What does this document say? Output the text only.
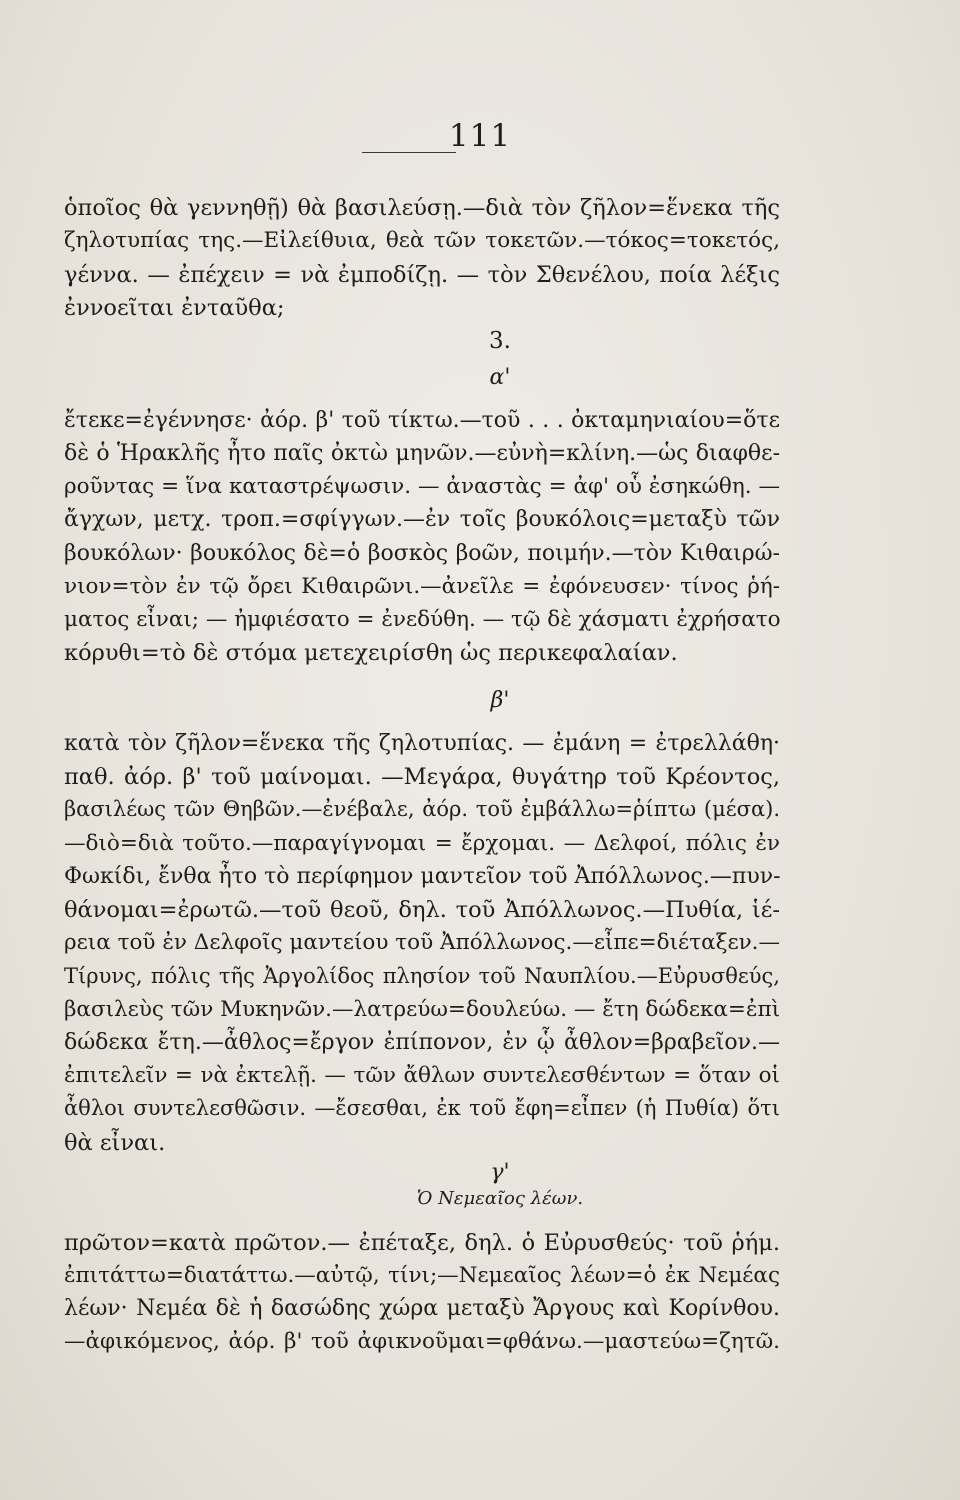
111
ὁποῖος θὰ γεννηθῇ) θὰ βασιλεύσῃ.—διὰ τὸν ζῆλον=ἕνεκα τῆς
ζηλοτυπίας της.—Εἰλείθυια, θεὰ τῶν τοκετῶν.—τόκος=τοκετός,
γέννα. — ἐπέχειν = νὰ ἐμποδίζῃ. — τὸν Σθενέλου, ποία λέξις
ἐννοεῖται ἐνταῦθα;
3.
α'
ἔτεκε=ἐγέννησε· ἀόρ. β' τοῦ τίκτω.—τοῦ . . . ὀκταμηνιαίου=ὅτε
δὲ ὁ Ἡρακλῆς ἦτο παῖς ὀκτὼ μηνῶν.—εὐνὴ=κλίνη.—ὡς διαφθε-
ροῦντας = ἵνα καταστρέψωσιν. — ἀναστὰς = ἀφ' οὗ ἐσηκώθη. —
ἄγχων, μετχ. τροπ.=σφίγγων.—ἐν τοῖς βουκόλοις=μεταξὺ τῶν
βουκόλων· βουκόλος δὲ=ὁ βοσκὸς βοῶν, ποιμήν.—τὸν Κιθαιρώ-
νιον=τὸν ἐν τῷ ὄρει Κιθαιρῶνι.—ἀνεῖλε = ἐφόνευσεν· τίνος ῥή-
ματος εἶναι; — ἠμφιέσατο = ἐνεδύθη. — τῷ δὲ χάσματι ἐχρήσατο
κόρυθι=τὸ δὲ στόμα μετεχειρίσθη ὡς περικεφαλαίαν.
β'
κατὰ τὸν ζῆλον=ἕνεκα τῆς ζηλοτυπίας. — ἐμάνη = ἐτρελλάθη·
παθ. ἀόρ. β' τοῦ μαίνομαι. —Μεγάρα, θυγάτηρ τοῦ Κρέοντος,
βασιλέως τῶν Θηβῶν.—ἐνέβαλε, ἀόρ. τοῦ ἐμβάλλω=ῥίπτω (μέσα).
—διὸ=διὰ τοῦτο.—παραγίγνομαι = ἔρχομαι. — Δελφοί, πόλις ἐν
Φωκίδι, ἔνθα ἦτο τὸ περίφημον μαντεῖον τοῦ Ἀπόλλωνος.—πυν-
θάνομαι=ἐρωτῶ.—τοῦ θεοῦ, δηλ. τοῦ Ἀπόλλωνος.—Πυθία, ἱέ-
ρεια τοῦ ἐν Δελφοῖς μαντείου τοῦ Ἀπόλλωνος.—εἶπε=διέταξεν.—
Τίρυνς, πόλις τῆς Ἀργολίδος πλησίον τοῦ Ναυπλίου.—Εὐρυσθεύς,
βασιλεὺς τῶν Μυκηνῶν.—λατρεύω=δουλεύω. — ἔτη δώδεκα=ἐπὶ
δώδεκα ἔτη.—ἆθλος=ἔργον ἐπίπονον, ἐν ᾧ ἆθλον=βραβεῖον.—
ἐπιτελεῖν = νὰ ἐκτελῇ. — τῶν ἄθλων συντελεσθέντων = ὅταν οἱ
ἆθλοι συντελεσθῶσιν. —ἔσεσθαι, ἐκ τοῦ ἔφη=εἶπεν (ἡ Πυθία) ὅτι
θὰ εἶναι.
γ'
Ὁ Νεμεαῖος λέων.
πρῶτον=κατὰ πρῶτον.— ἐπέταξε, δηλ. ὁ Εὐρυσθεύς· τοῦ ῥήμ.
ἐπιτάττω=διατάττω.—αὐτῷ, τίνι;—Νεμεαῖος λέων=ὁ ἐκ Νεμέας
λέων· Νεμέα δὲ ἡ δασώδης χώρα μεταξὺ Ἄργους καὶ Κορίνθου.
—ἀφικόμενος, ἀόρ. β' τοῦ ἀφικνοῦμαι=φθάνω.—μαστεύω=ζητῶ.
